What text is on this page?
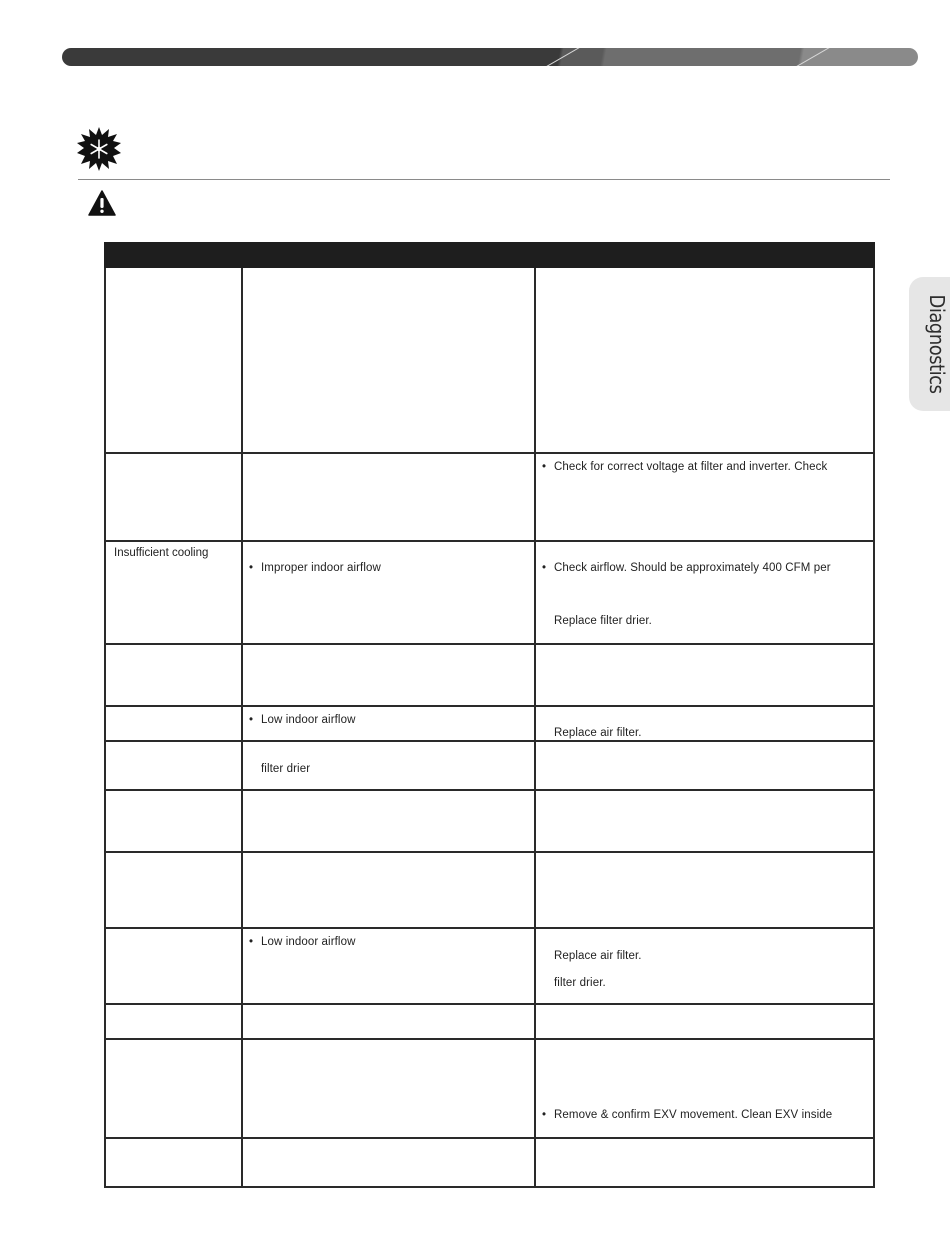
Diagnostics
• Check for correct voltage at filter and inverter. Check
Insufficient cooling
• Improper indoor airflow
•	Check airflow. Should be approximately 400 CFM per
Replace filter drier.
• Low indoor airflow
Replace air filter.
filter drier
• Low indoor airflow
Replace air filter.
filter drier.
• Remove & confirm EXV movement. Clean EXV inside
